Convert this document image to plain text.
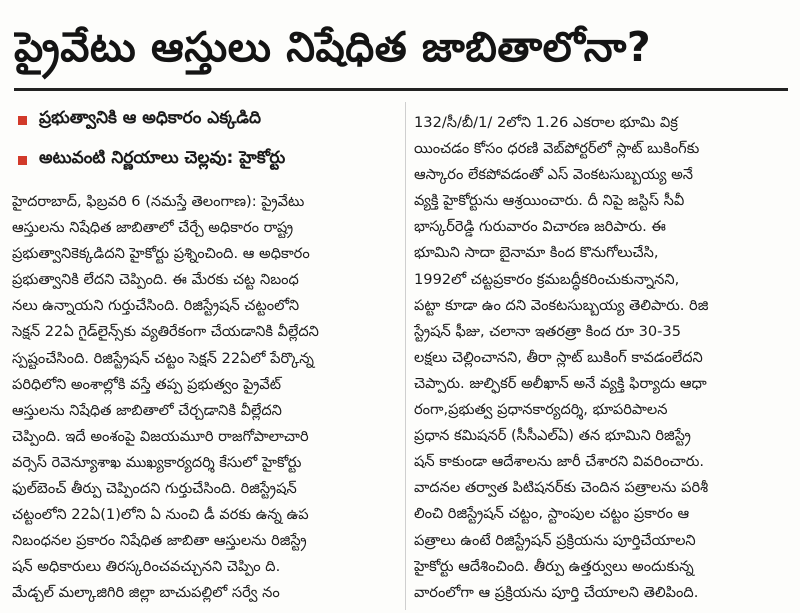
ప్రైవేటు ఆస్తులు నిషేధిత జాబితాలోనా?
ప్రభుత్వానికి ఆ అధికారం ఎక్కడిది
అటువంటి నిర్ణయాలు చెల్లవు: హైకోర్టు
హైదరాబాద్, ఫిబ్రవరి 6 (నమస్తే తెలంగాణ): ప్రైవేటు
ఆస్తులను నిషేధిత జాబితాలో చేర్చే అధికారం రాష్ట్ర
ప్రభుత్వానికెక్కడిదని హైకోర్టు ప్రశ్నించింది. ఆ అధికారం
ప్రభుత్వానికి లేదని చెప్పింది. ఈ మేరకు చట్ట నిబంధ
నలు ఉన్నాయని గుర్తుచేసింది. రిజిస్ట్రేషన్ చట్టంలోని
సెక్షన్ 22ఏ గైడ్‌లైన్స్‌కు వ్యతిరేకంగా చేయడానికి వీల్లేదని
స్పష్టంచేసింది. రిజిస్ట్రేషన్ చట్టం సెక్షన్ 22ఏలో పేర్కొన్న
పరిధిలోని అంశాల్లోకి వస్తే తప్ప ప్రభుత్వం ప్రైవేట్
ఆస్తులను నిషేధిత జాబితాలో చేర్చడానికి వీల్లేదని
చెప్పింది. ఇదే అంశంపై విజయమూరి రాజగోపాలాచారి
వర్సెస్ రెవెన్యూశాఖ ముఖ్యకార్యదర్శి కేసులో హైకోర్టు
ఫుల్‌బెంచ్ తీర్పు చెప్పిందని గుర్తుచేసింది. రిజిస్ట్రేషన్
చట్టంలోని 22ఏ(1)లోని ఏ నుంచి డీ వరకు ఉన్న ఉప
నిబంధనల ప్రకారం నిషేధిత జాబితా ఆస్తులను రిజిస్ట్రే
షన్ అధికారులు తిరస్కరించవచ్చునని చెప్పిం ది.
మేడ్చల్ మల్కాజిగిరి జిల్లా బాచుపల్లిలో సర్వే నం
132/సీ/బీ/1/ 2లోని 1.26 ఎకరాల భూమి విక్ర
యించడం కోసం ధరణి వెబ్‌పోర్టర్‌లో స్లాట్ బుకింగ్‌కు
ఆస్కారం లేకపోవడంతో ఎస్ వెంకటసుబ్బయ్య అనే
వ్యక్తి హైకోర్టును ఆశ్రయించారు. దీ నిపై జస్టిస్ సీవీ
భాస్కర్‌రెడ్డి గురువారం విచారణ జరిపారు. ఈ
భూమిని సాదా బైనామా కింద కొనుగోలుచేసి,
1992లో చట్టప్రకారం క్రమబద్ధీకరించుకున్నానని,
పట్టా కూడా ఉం దని వెంకటసుబ్బయ్య తెలిపారు. రిజి
స్ట్రేషన్ ఫీజు, చలానా ఇతరత్రా కింద రూ 30-35
లక్షలు చెల్లించానని, తీరా స్లాట్ బుకింగ్ కావడంలేదని
చెప్పారు. జుల్ఫికర్ అలీఖాన్ అనే వ్యక్తి ఫిర్యాదు ఆధా
రంగా,ప్రభుత్వ ప్రధానకార్యదర్శి, భూపరిపాలన
ప్రధాన కమిషనర్ (సీసీఎల్ఏ) తన భూమిని రిజిస్ట్రే
షన్ కాకుండా ఆదేశాలను జారీ చేశారని వివరించారు.
వాదనల తర్వాత పిటిషనర్‌కు చెందిన పత్రాలను పరిశీ
లించి రిజిస్ట్రేషన్ చట్టం, స్టాంపుల చట్టం ప్రకారం ఆ
పత్రాలు ఉంటే రిజిస్ట్రేషన్ ప్రక్రియను పూర్తిచేయాలని
హైకోర్టు ఆదేశించింది. తీర్పు ఉత్తర్వులు అందుకున్న
వారంలోగా ఆ ప్రక్రియను పూర్తి చేయాలని తెలిపింది.
